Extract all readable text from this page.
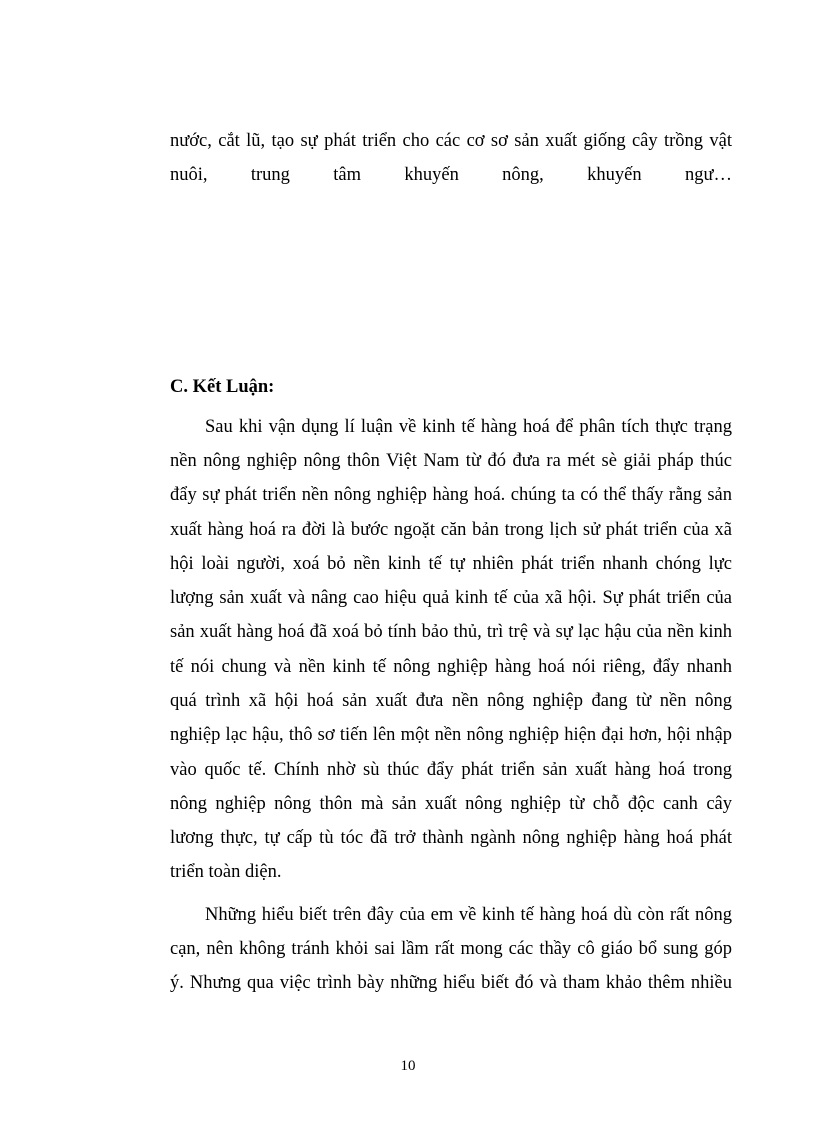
nước, cắt lũ, tạo sự phát triển cho các cơ sơ sản xuất giống cây trồng vật

nuôi, trung tâm khuyến nông, khuyến ngư…

C. Kết Luận:

Sau khi vận dụng lí luận về kinh tế hàng hoá để phân tích thực trạng

nền nông nghiệp nông thôn Việt Nam từ đó đưa ra mét sè giải pháp thúc

đẩy sự phát triển nền nông nghiệp hàng hoá. chúng ta có thể thấy rằng sản

xuất hàng hoá ra đời là bước ngoặt căn bản trong lịch sử phát triển của xã

hội loài người, xoá bỏ nền kinh tế tự nhiên phát triển nhanh chóng lực

lượng sản xuất và nâng cao hiệu quả kinh tế của xã hội. Sự phát triển của

sản xuất hàng hoá đã xoá bỏ tính bảo thủ, trì trệ và sự lạc hậu của nền kinh

tế nói chung và nền kinh tế nông nghiệp hàng hoá nói riêng, đẩy nhanh

quá trình xã hội hoá sản xuất đưa nền nông nghiệp đang từ nền nông

nghiệp lạc hậu, thô sơ tiến lên một nền nông nghiệp hiện đại hơn, hội nhập

vào quốc tế. Chính nhờ sù thúc đẩy phát triển sản xuất hàng hoá trong

nông nghiệp nông thôn mà sản xuất nông nghiệp từ chỗ độc canh cây

lương thực, tự cấp tù tóc đã trở thành ngành nông nghiệp hàng hoá phát

triển toàn diện.

Những hiểu biết trên đây của em về kinh tế hàng hoá dù còn rất nông

cạn, nên không tránh khỏi sai lầm rất mong các thầy cô giáo bổ sung góp

ý. Nhưng qua việc trình bày những hiểu biết đó và tham khảo thêm nhiều

10
